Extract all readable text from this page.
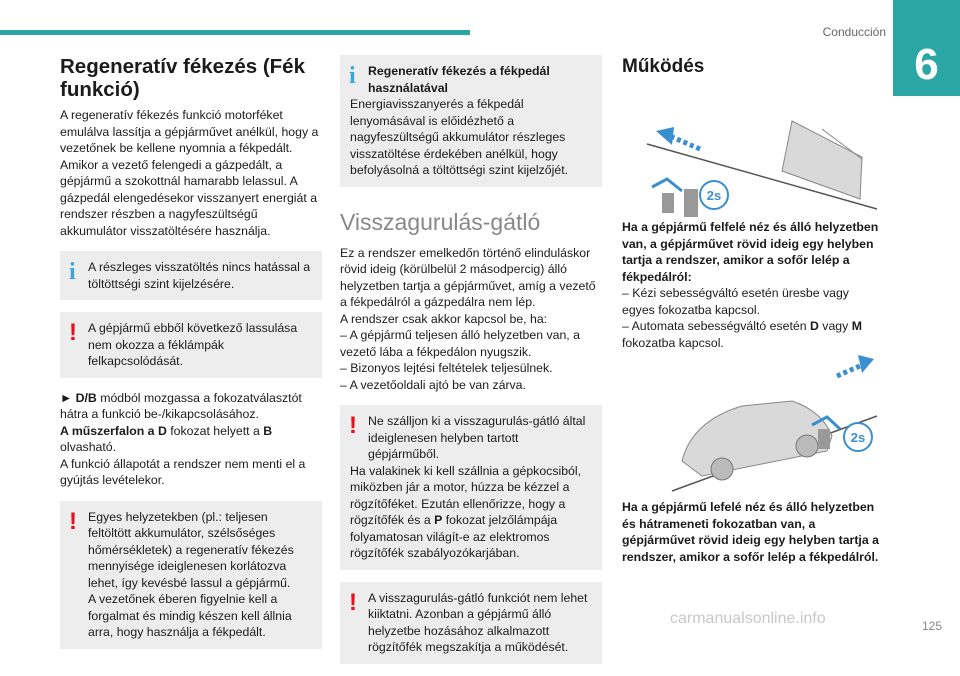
Conducción
6
Regeneratív fékezés (Fék funkció)

A regeneratív fékezés funkció motorféket emulálva lassítja a gépjárművet anélkül, hogy a vezetőnek be kellene nyomnia a fékpedált. Amikor a vezető felengedi a gázpedált, a gépjármű a szokottnál hamarabb lelassul. A gázpedál elengedésekor visszanyert energiát a rendszer részben a nagyfeszültségű akkumulátor visszatöltésére használja.

i A részleges visszatöltés nincs hatással a töltöttségi szint kijelzésére.
! A gépjármű ebből következő lassulása nem okozza a féklámpák felkapcsolódását.

► D/B módból mozgassa a fokozatválasztót hátra a funkció be-/kikapcsolásához.
A műszerfalon a D fokozat helyett a B olvasható.

A funkció állapotát a rendszer nem menti el a gyújtás levételekor.

! Egyes helyzetekben (pl.: teljesen feltöltött akkumulátor, szélsőséges hőmérsékletek) a regeneratív fékezés mennyisége ideiglenesen korlátozva lehet, így kevésbé lassul a gépjármű.
A vezetőnek éberen figyelnie kell a forgalmat és mindig készen kell állnia arra, hogy használja a fékpedált.
i Regeneratív fékezés a fékpedál használatával
Energiavisszanyerés a fékpedál lenyomásával is előidézhető a nagyfeszültségű akkumulátor részleges visszatöltése érdekében anélkül, hogy befolyásolná a töltöttségi szint kijelzőjét.
Visszagurulás-gátló

Ez a rendszer emelkedőn történő elinduláskor rövid ideig (körülbelül 2 másodpercig) álló helyzetben tartja a gépjárművet, amíg a vezető a fékpedálról a gázpedálra nem lép.

A rendszer csak akkor kapcsol be, ha:

– A gépjármű teljesen álló helyzetben van, a vezető lába a fékpedálon nyugszik.

– Bizonyos lejtési feltételek teljesülnek.

– A vezetőoldali ajtó be van zárva.

! Ne szálljon ki a visszagurulás-gátló által ideiglenesen helyben tartott gépjárműből.
Ha valakinek ki kell szállnia a gépkocsiból, miközben jár a motor, húzza be kézzel a rögzítőféket. Ezután ellenőrizze, hogy a rögzítőfék és a P fokozat jelzőlámpája folyamatosan világít-e az elektromos rögzítőfék szabályozókarjában.
! A visszagurulás-gátló funkciót nem lehet kiiktatni. Azonban a gépjármű álló helyzetbe hozásához alkalmazott rögzítőfék megszakítja a működését.
Működés
2s

Ha a gépjármű felfelé néz és álló helyzetben van, a gépjárművet rövid ideig egy helyben tartja a rendszer, amikor a sofőr lelép a fékpedálról:

– Kézi sebességváltó esetén üresbe vagy egyes fokozatba kapcsol.

– Automata sebességváltó esetén D vagy M fokozatba kapcsol.

2s

Ha a gépjármű lefelé néz és álló helyzetben és hátrameneti fokozatban van, a gépjárművet rövid ideig egy helyben tartja a rendszer, amikor a sofőr lelép a fékpedálról.

carmanualsonline.info	125
